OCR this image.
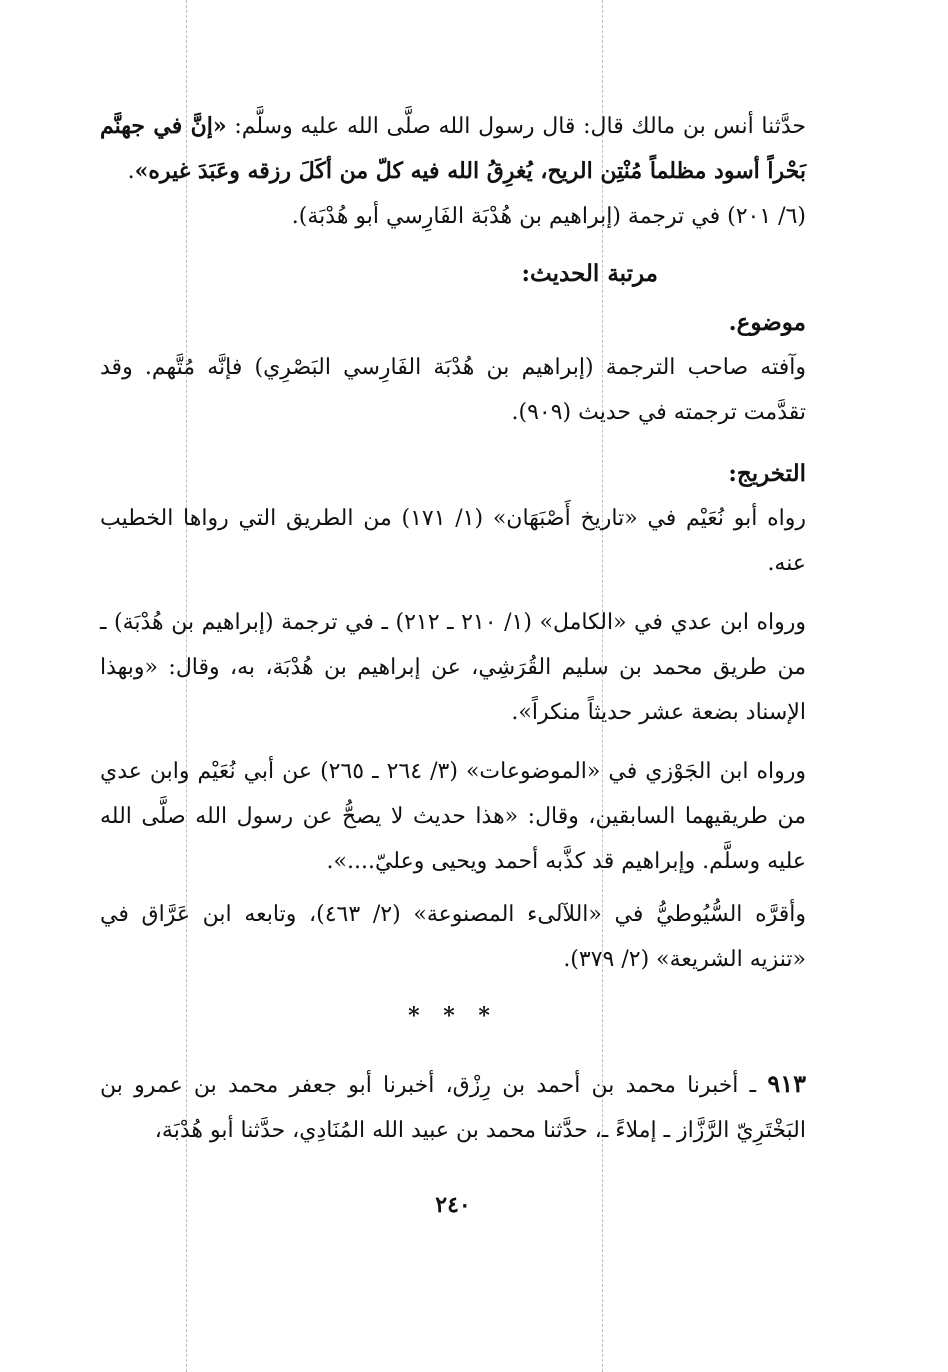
حدَّثنا أنس بن مالك قال: قال رسول الله صلَّى الله عليه وسلَّم: «إنَّ في جهنَّم بَحْراً أسود مظلماً مُنْتِن الريح، يُغرِقُ الله فيه كلّ من أكَلَ رزقه وعَبَدَ غيره».

(٦/ ٢٠١) في ترجمة (إبراهيم بن هُدْبَة الفَارِسي أبو هُدْبَة).

مرتبة الحديث:

موضوع.

وآفته صاحب الترجمة (إبراهيم بن هُدْبَة الفَارِسي البَصْرِي) فإنَّه مُتَّهم. وقد تقدَّمت ترجمته في حديث (٩٠٩).

التخريج:

رواه أبو نُعَيْم في «تاريخ أَصْبَهَان» (١/ ١٧١) من الطريق التي رواها الخطيب عنه.

ورواه ابن عدي في «الكامل» (١/ ٢١٠ ـ ٢١٢) ـ في ترجمة (إبراهيم بن هُدْبَة) ـ من طريق محمد بن سليم القُرَشِي، عن إبراهيم بن هُدْبَة، به، وقال: «وبهذا الإسناد بضعة عشر حديثاً منكراً».

ورواه ابن الجَوْزي في «الموضوعات» (٣/ ٢٦٤ ـ ٢٦٥) عن أبي نُعَيْم وابن عدي من طريقيهما السابقين، وقال: «هذا حديث لا يصحُّ عن رسول الله صلَّى الله عليه وسلَّم. وإبراهيم قد كذَّبه أحمد ويحيى وعليّ....».

وأقرَّه السُّيُوطيُّ في «اللآلىء المصنوعة» (٢/ ٤٦٣)، وتابعه ابن عَرَّاق في «تنزيه الشريعة» (٢/ ٣٧٩).

* * *

٩١٣ ـ أخبرنا محمد بن أحمد بن رِزْق، أخبرنا أبو جعفر محمد بن عمرو بن البَخْتَرِيّ الرَّزَّاز ـ إملاءً ـ، حدَّثنا محمد بن عبيد الله المُنَادِي، حدَّثنا أبو هُدْبَة،

٢٤٠
